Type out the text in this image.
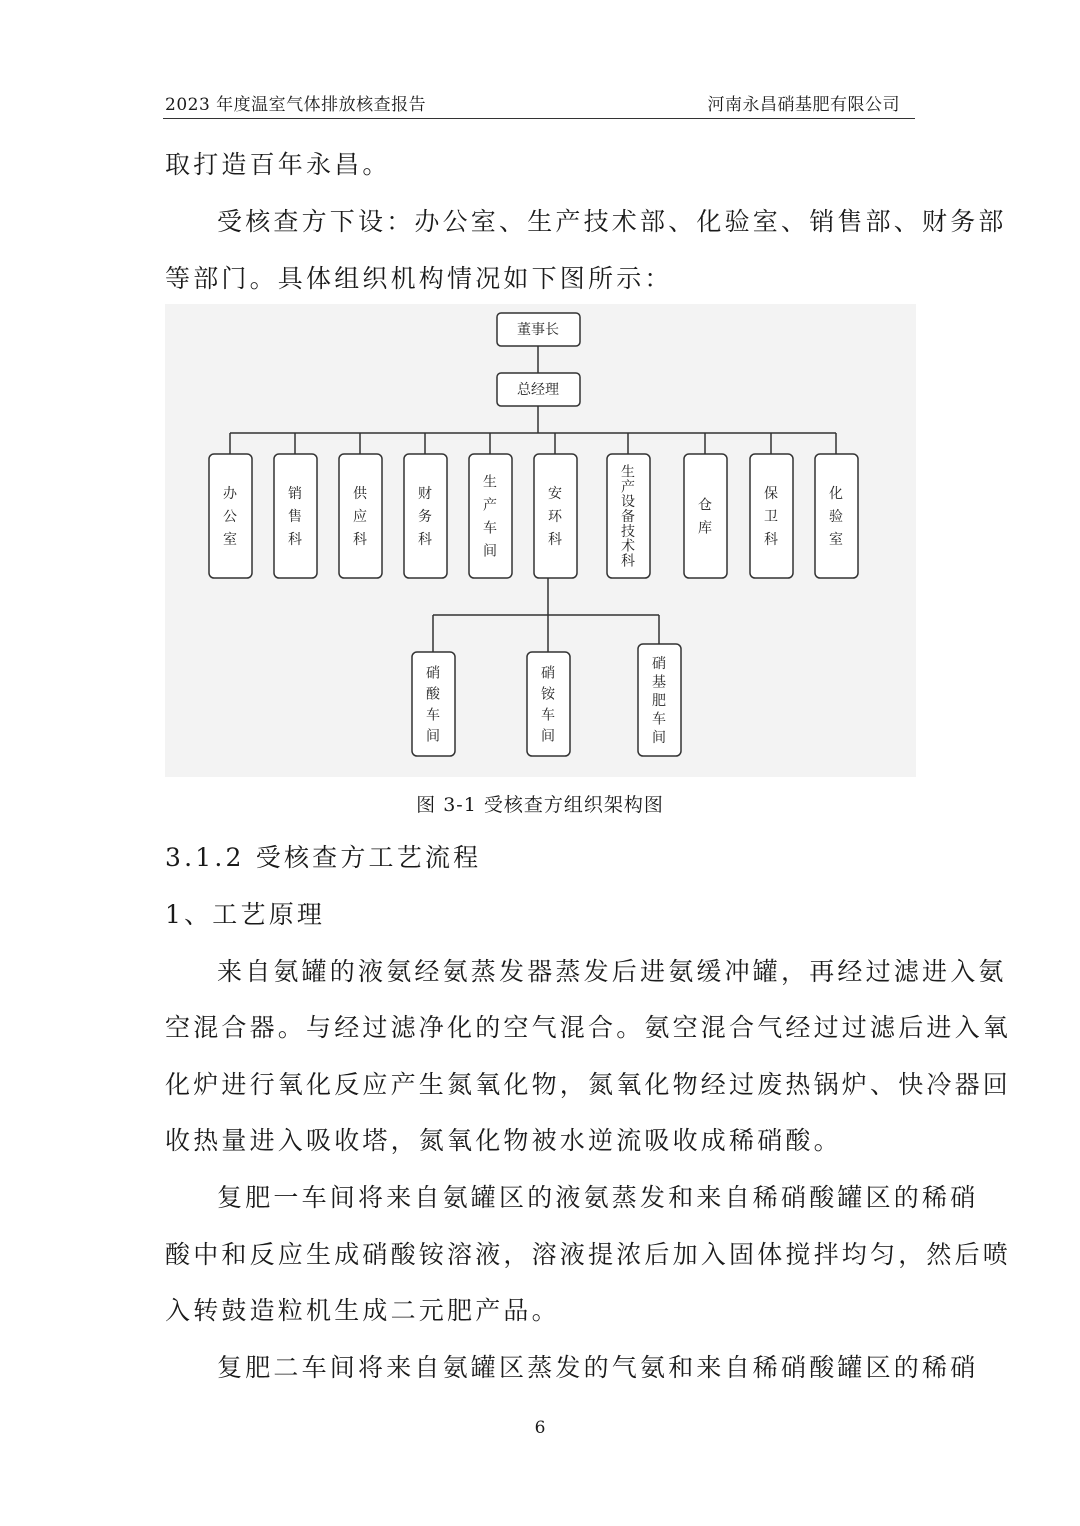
2023 年度温室气体排放核查报告	河南永昌硝基肥有限公司
取打造百年永昌。
受核查方下设：办公室、生产技术部、化验室、销售部、财务部
等部门。具体组织机构情况如下图所示：
董事长
总经理
办
公
室
销
售
科
供
应
科
财
务
科
生
产
车
间
安
环
科
生
产
设
备
技
术
科
仓
库
保
卫
科
化
验
室
硝
酸
车
间
硝
铵
车
间
硝
基
肥
车
间
图 3-1 受核查方组织架构图
3.1.2 受核查方工艺流程
1、工艺原理
来自氨罐的液氨经氨蒸发器蒸发后进氨缓冲罐，再经过滤进入氨
空混合器。与经过滤净化的空气混合。氨空混合气经过过滤后进入氧
化炉进行氧化反应产生氮氧化物，氮氧化物经过废热锅炉、快冷器回
收热量进入吸收塔，氮氧化物被水逆流吸收成稀硝酸。
复肥一车间将来自氨罐区的液氨蒸发和来自稀硝酸罐区的稀硝
酸中和反应生成硝酸铵溶液，溶液提浓后加入固体搅拌均匀，然后喷
入转鼓造粒机生成二元肥产品。
复肥二车间将来自氨罐区蒸发的气氨和来自稀硝酸罐区的稀硝
6
